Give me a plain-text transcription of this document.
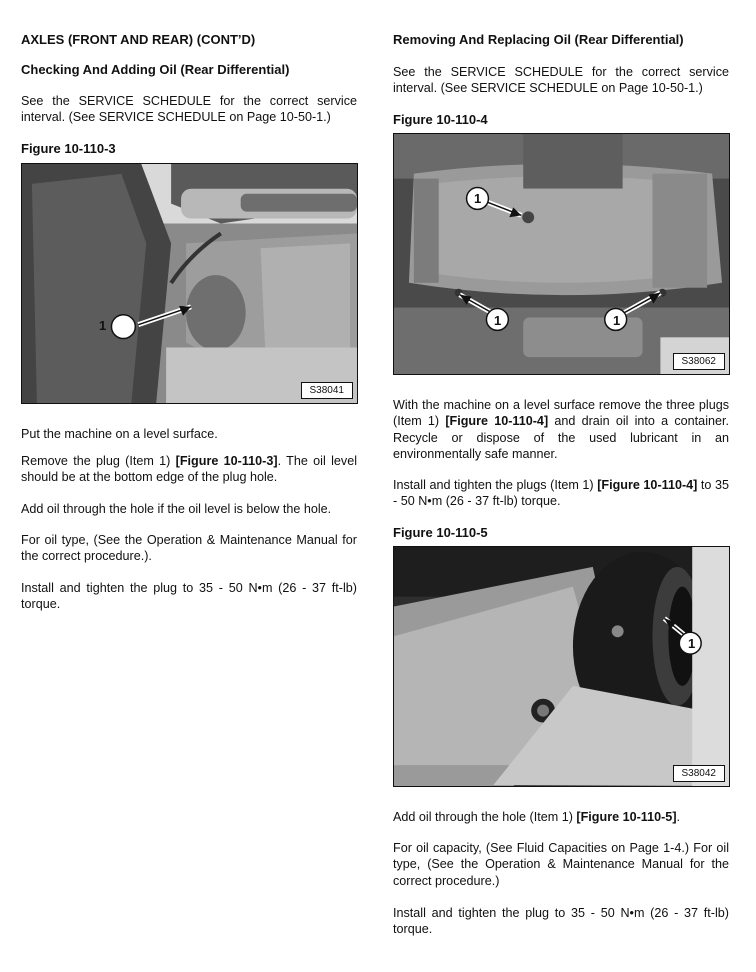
AXLES (FRONT AND REAR) (CONT’D)
Checking And Adding Oil (Rear Differential)

See the SERVICE SCHEDULE for the correct service interval. (See SERVICE SCHEDULE on Page 10-50-1.)

Figure 10-110-3
1
S38041

Put the machine on a level surface.

Remove the plug (Item 1) [Figure 10-110-3]. The oil level should be at the bottom edge of the plug hole.

Add oil through the hole if the oil level is below the hole.

For oil type, (See the Operation & Maintenance Manual for the correct procedure.).

Install and tighten the plug to 35 - 50 N•m (26 - 37 ft-lb) torque.

Removing And Replacing Oil (Rear Differential)

See the SERVICE SCHEDULE for the correct service interval. (See SERVICE SCHEDULE on Page 10-50-1.)

Figure 10-110-4
1
1	1
S38062

With the machine on a level surface remove the three plugs (Item 1) [Figure 10-110-4] and drain oil into a container. Recycle or dispose of the used lubricant in an environmentally safe manner.

Install and tighten the plugs (Item 1) [Figure 10-110-4] to 35 - 50 N•m (26 - 37 ft-lb) torque.

Figure 10-110-5
1
S38042

Add oil through the hole (Item 1) [Figure 10-110-5].

For oil capacity, (See Fluid Capacities on Page 1-4.) For oil type, (See the Operation & Maintenance Manual for the correct procedure.)

Install and tighten the plug to 35 - 50 N•m (26 - 37 ft-lb) torque.
